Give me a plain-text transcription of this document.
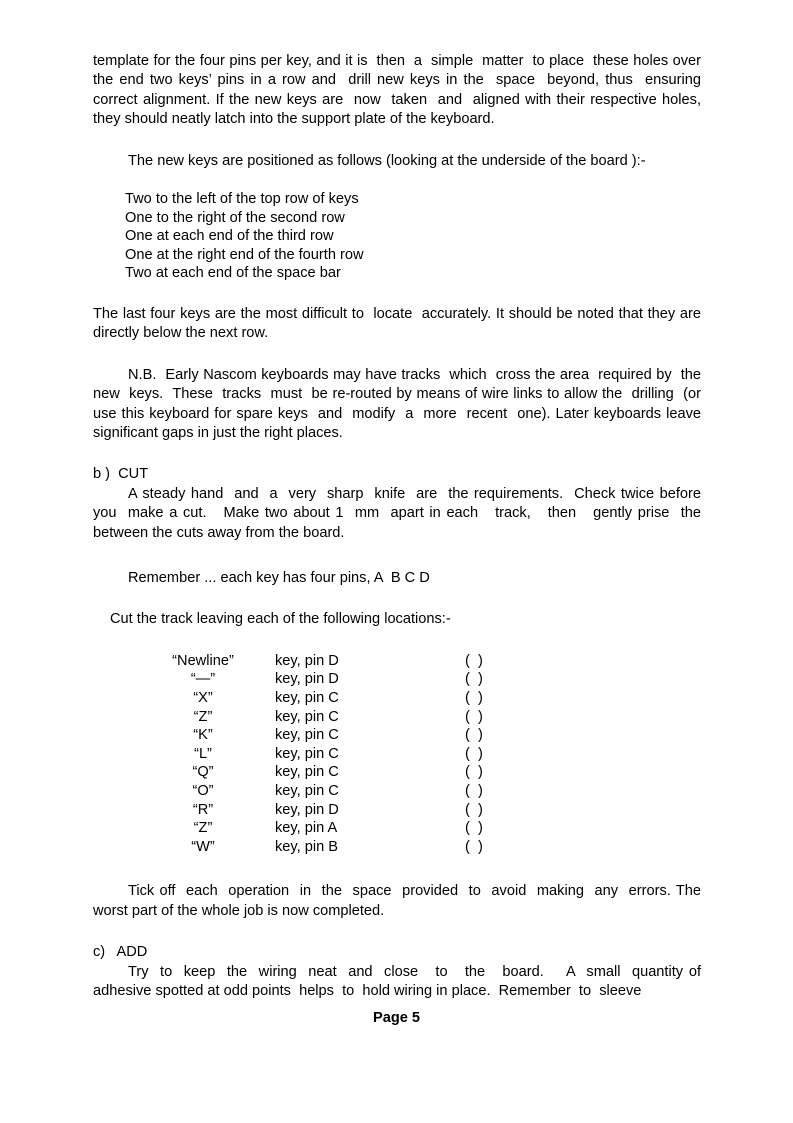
template for the four pins per key, and it is  then  a  simple  matter  to place  these holes over the end two keys’ pins in a row and  drill new keys in the  space  beyond, thus  ensuring correct alignment. If the new keys are  now  taken  and  aligned with their respective holes, they should neatly latch into the support plate of the keyboard.

The new keys are positioned as follows (looking at the underside of the board ):-

Two to the left of the top row of keys

One to the right of the second row

One at each end of the third row

One at the right end of the fourth row

Two at each end of the space bar

The last four keys are the most difficult to  locate  accurately. It should be noted that they are directly below the next row.

N.B.  Early Nascom keyboards may have tracks  which  cross the area  required by  the  new  keys.  These  tracks  must  be re-routed by means of wire links to allow the  drilling  (or  use this keyboard for spare keys  and  modify  a  more  recent  one). Later keyboards leave significant gaps in just the right places.

b )  CUT

A steady hand  and  a  very  sharp  knife  are  the requirements.  Check twice before  you  make a cut.   Make two about 1  mm  apart in each   track,   then   gently prise  the between the cuts away from the board.

Remember ... each key has four pins, A  B C D

Cut the track leaving each of the following locations:-

“Newline”	key, pin D	(  )
“—”	key, pin D	(  )
“X”	key, pin C	(  )
“Z”	key, pin C	(  )
“K”	key, pin C	(  )
“L”	key, pin C	(  )
“Q”	key, pin C	(  )
“O”	key, pin C	(  )
“R”	key, pin D	(  )
“Z”	key, pin A	(  )
“W”	key, pin B	(  )

Tick off  each  operation  in  the  space  provided  to  avoid  making  any  errors. The worst part of the whole job is now completed.

c)   ADD

Try  to  keep  the  wiring  neat  and  close   to   the   board.    A  small  quantity of adhesive spotted at odd points  helps  to  hold wiring in place.  Remember  to  sleeve

Page 5
